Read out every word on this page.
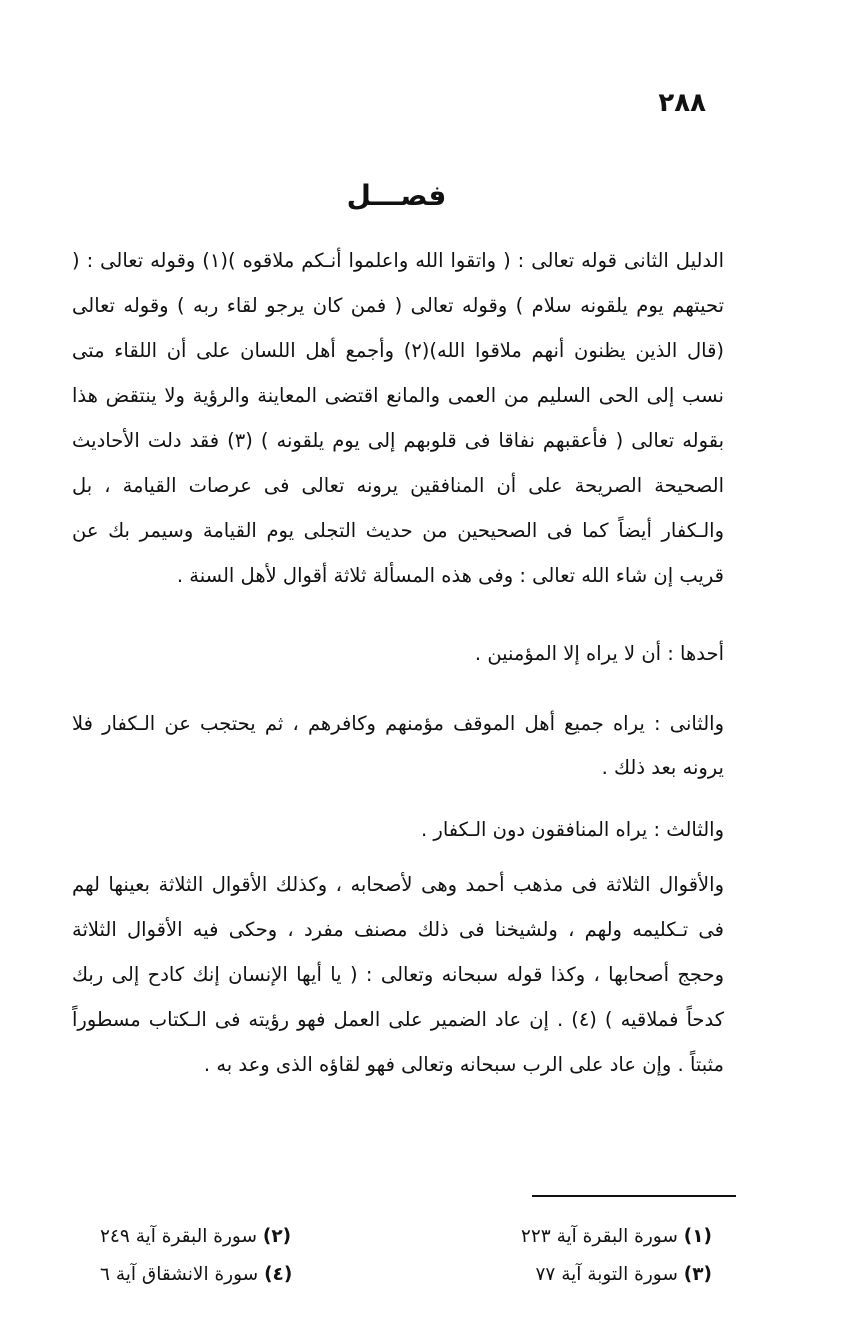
٢٨٨
فصـــل

الدليل الثانى قوله تعالى : ( واتقوا الله واعلموا أنـكم ملاقوه )(١) وقوله تعالى : ( تحيتهم يوم يلقونه سلام ) وقوله تعالى ( فمن كان يرجو لقاء ربه ) وقوله تعالى (قال الذين يظنون أنهم ملاقوا الله)(٢) وأجمع أهل اللسان على أن اللقاء متى نسب إلى الحى السليم من العمى والمانع اقتضى المعاينة والرؤية ولا ينتقض هذا بقوله تعالى ( فأعقبهم نفاقا فى قلوبهم إلى يوم يلقونه ) (٣) فقد دلت الأحاديث الصحيحة الصريحة على أن المنافقين يرونه تعالى فى عرصات القيامة ، بل والـكفار أيضاً كما فى الصحيحين من حديث التجلى يوم القيامة وسيمر بك عن قريب إن شاء الله تعالى : وفى هذه المسألة ثلاثة أقوال لأهل السنة .

أحدها : أن لا يراه إلا المؤمنين .

والثانى : يراه جميع أهل الموقف مؤمنهم وكافرهم ، ثم يحتجب عن الـكفار فلا يرونه بعد ذلك .

والثالث : يراه المنافقون دون الـكفار .

والأقوال الثلاثة فى مذهب أحمد وهى لأصحابه ، وكذلك الأقوال الثلاثة بعينها لهم فى تـكليمه ولهم ، ولشيخنا فى ذلك مصنف مفرد ، وحكى فيه الأقوال الثلاثة وحجج أصحابها ، وكذا قوله سبحانه وتعالى : ( يا أيها الإنسان إنك كادح إلى ربك كدحاً فملاقيه ) (٤) . إن عاد الضمير على العمل فهو رؤيته فى الـكتاب مسطوراً مثبتاً . وإن عاد على الرب سبحانه وتعالى فهو لقاؤه الذى وعد به .

(١) سورة البقرة آية ٢٢٣
(٢) سورة البقرة آية ٢٤٩
(٣) سورة التوبة آية ٧٧
(٤) سورة الانشقاق آية ٦
